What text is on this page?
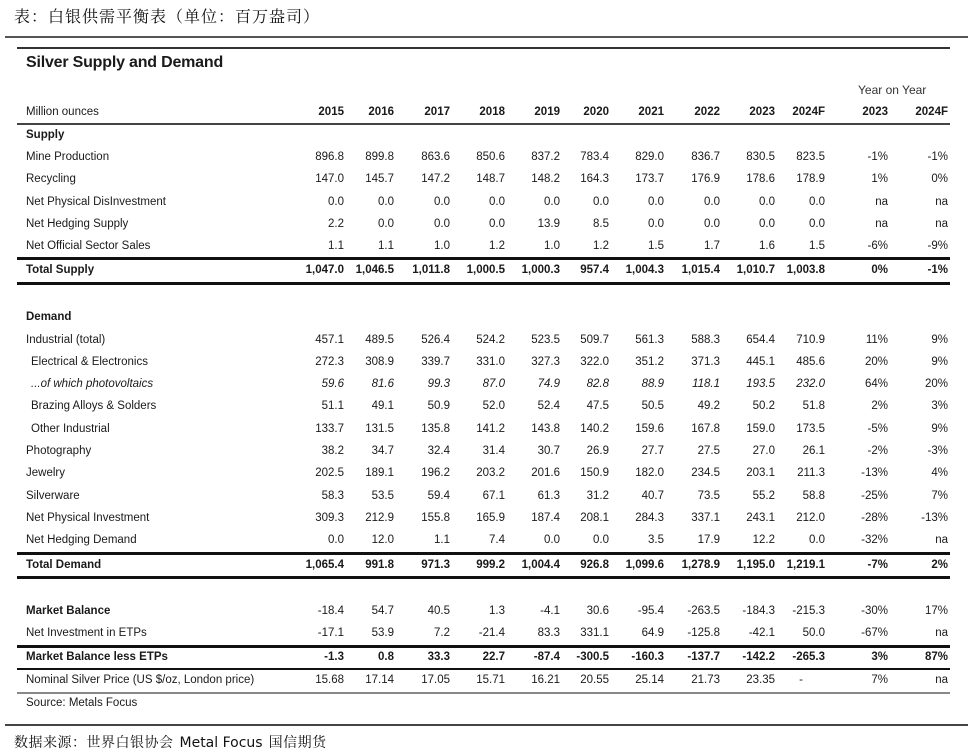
表：白银供需平衡表（单位：百万盎司）
Silver Supply and Demand
Year on Year
Million ounces	2015	2016	2017	2018	2019	2020	2021	2022	2023	2024F	2023	2024F
Supply
Mine Production	896.8	899.8	863.6	850.6	837.2	783.4	829.0	836.7	830.5	823.5	-1%	-1%
Recycling	147.0	145.7	147.2	148.7	148.2	164.3	173.7	176.9	178.6	178.9	1%	0%
Net Physical DisInvestment	0.0	0.0	0.0	0.0	0.0	0.0	0.0	0.0	0.0	0.0	na	na
Net Hedging Supply	2.2	0.0	0.0	0.0	13.9	8.5	0.0	0.0	0.0	0.0	na	na
Net Official Sector Sales	1.1	1.1	1.0	1.2	1.0	1.2	1.5	1.7	1.6	1.5	-6%	-9%
Total Supply	1,047.0	1,046.5	1,011.8	1,000.5	1,000.3	957.4	1,004.3	1,015.4	1,010.7	1,003.8	0%	-1%
Demand
Industrial (total)	457.1	489.5	526.4	524.2	523.5	509.7	561.3	588.3	654.4	710.9	11%	9%
Electrical & Electronics	272.3	308.9	339.7	331.0	327.3	322.0	351.2	371.3	445.1	485.6	20%	9%
...of which photovoltaics	59.6	81.6	99.3	87.0	74.9	82.8	88.9	118.1	193.5	232.0	64%	20%
Brazing Alloys & Solders	51.1	49.1	50.9	52.0	52.4	47.5	50.5	49.2	50.2	51.8	2%	3%
Other Industrial	133.7	131.5	135.8	141.2	143.8	140.2	159.6	167.8	159.0	173.5	-5%	9%
Photography	38.2	34.7	32.4	31.4	30.7	26.9	27.7	27.5	27.0	26.1	-2%	-3%
Jewelry	202.5	189.1	196.2	203.2	201.6	150.9	182.0	234.5	203.1	211.3	-13%	4%
Silverware	58.3	53.5	59.4	67.1	61.3	31.2	40.7	73.5	55.2	58.8	-25%	7%
Net Physical Investment	309.3	212.9	155.8	165.9	187.4	208.1	284.3	337.1	243.1	212.0	-28%	-13%
Net Hedging Demand	0.0	12.0	1.1	7.4	0.0	0.0	3.5	17.9	12.2	0.0	-32%	na
Total Demand	1,065.4	991.8	971.3	999.2	1,004.4	926.8	1,099.6	1,278.9	1,195.0	1,219.1	-7%	2%
Market Balance	-18.4	54.7	40.5	1.3	-4.1	30.6	-95.4	-263.5	-184.3	-215.3	-30%	17%
Net Investment in ETPs	-17.1	53.9	7.2	-21.4	83.3	331.1	64.9	-125.8	-42.1	50.0	-67%	na
Market Balance less ETPs	-1.3	0.8	33.3	22.7	-87.4	-300.5	-160.3	-137.7	-142.2	-265.3	3%	87%
Nominal Silver Price (US $/oz, London price)	15.68	17.14	17.05	15.71	16.21	20.55	25.14	21.73	23.35	-	7%	na
Source: Metals Focus
数据来源：世界白银协会 Metal Focus 国信期货
